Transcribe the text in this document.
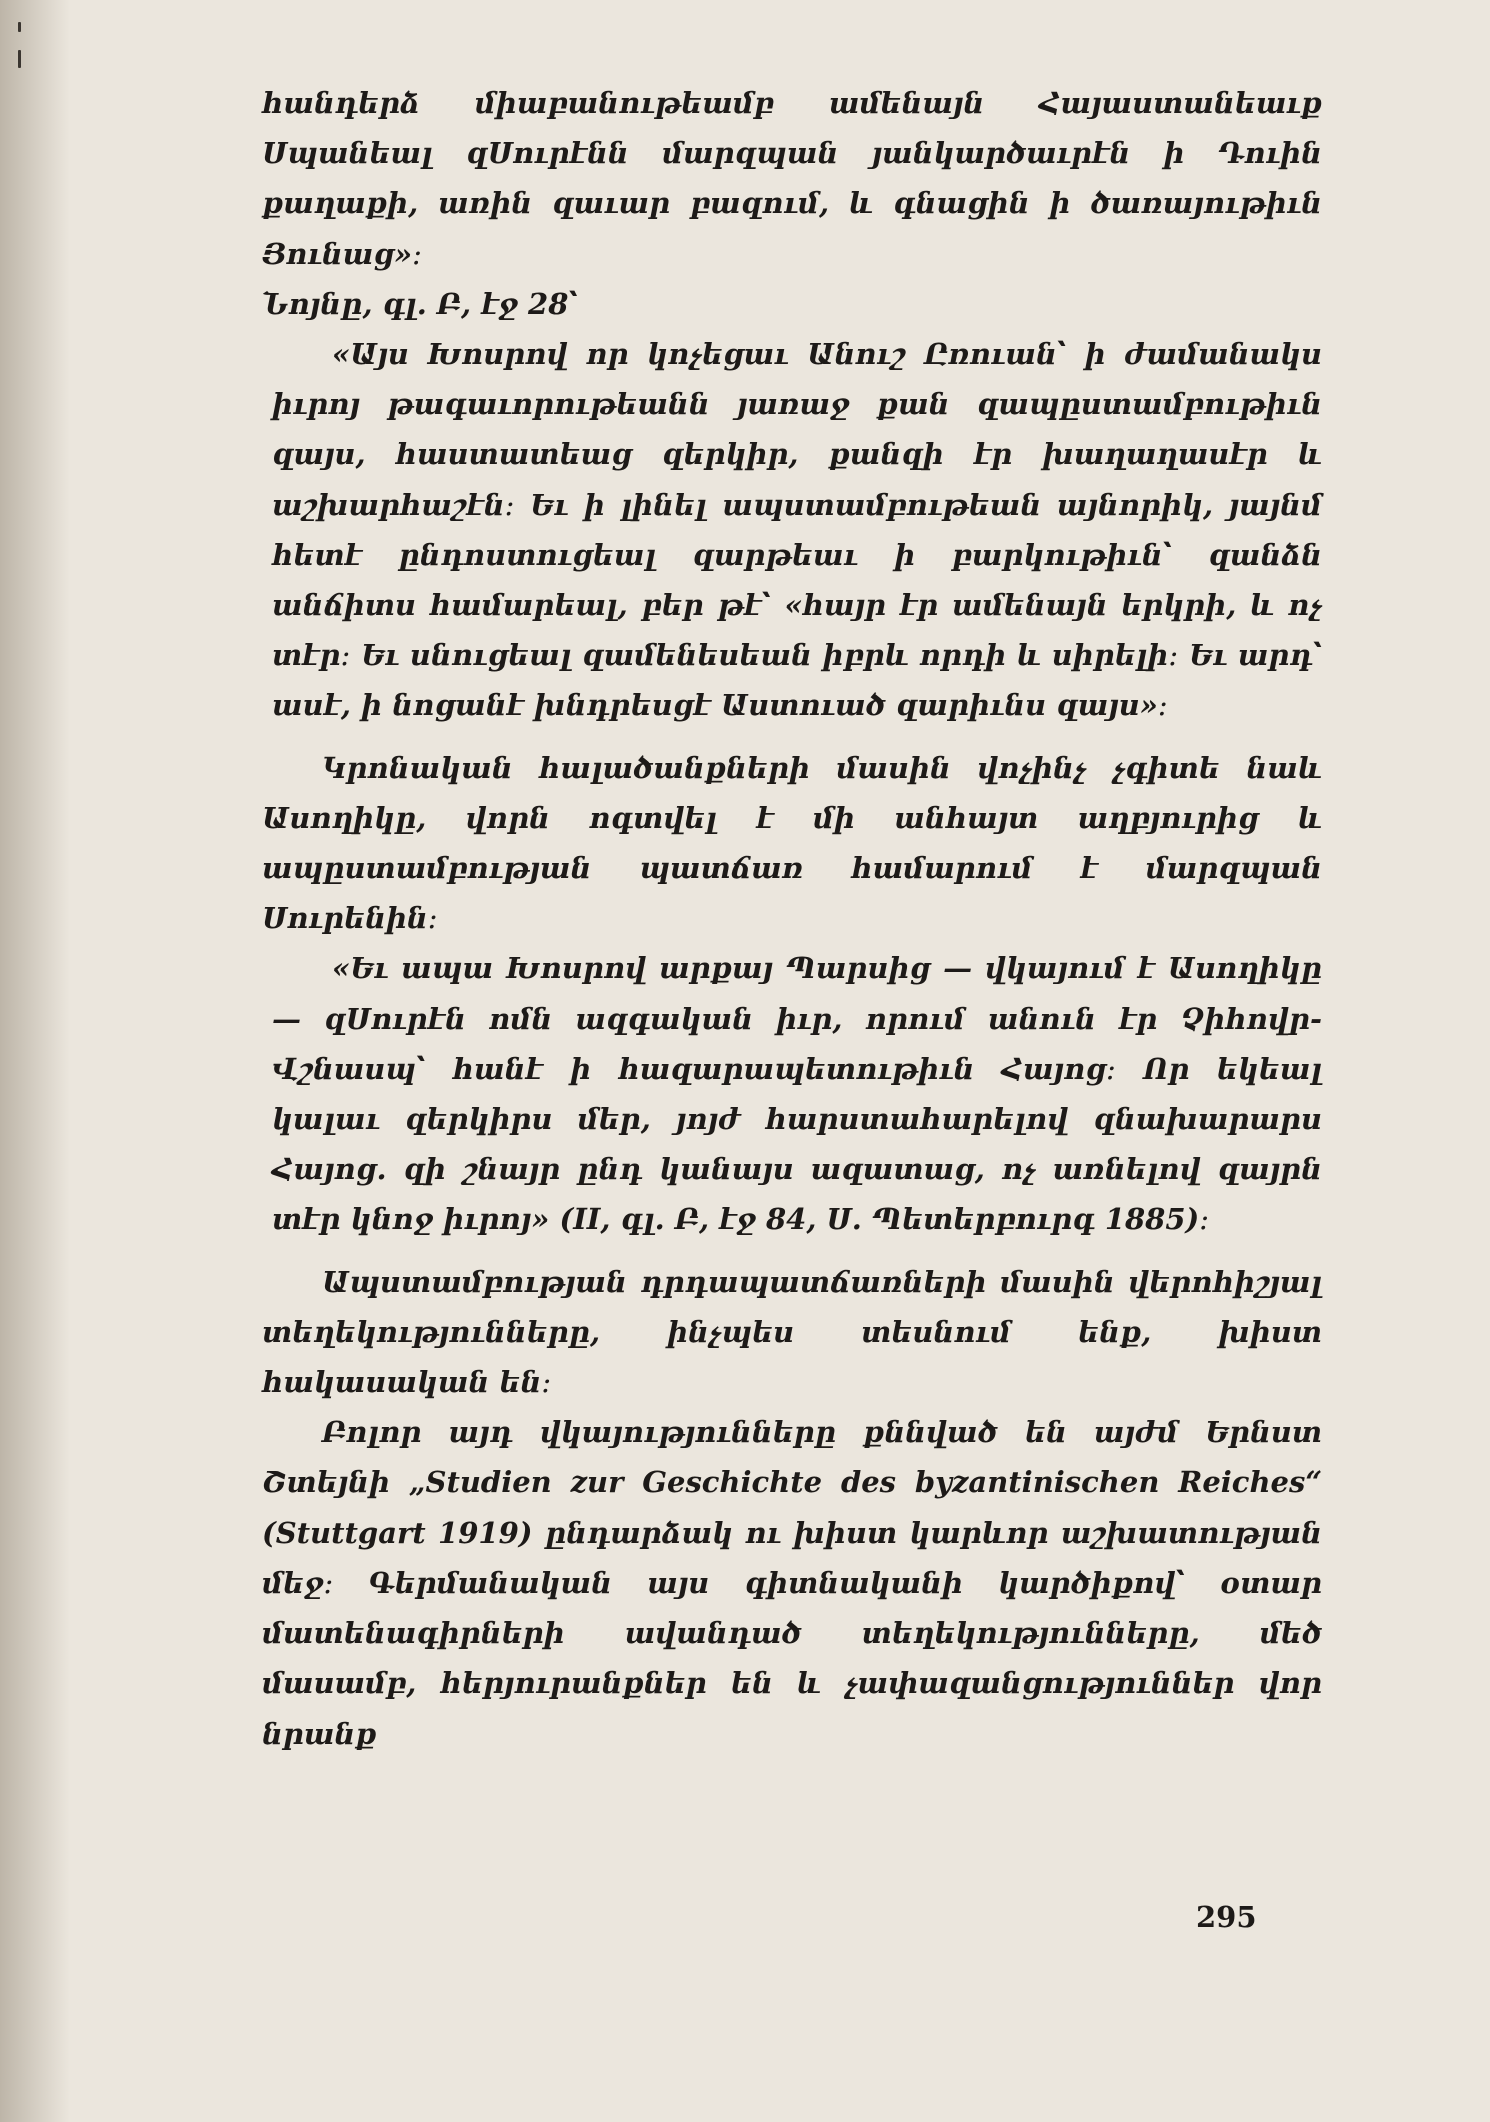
հանդերձ միաբանութեամբ ամենայն Հայաստանեաւք Սպանեալ զՍուրէնն մարզպան յանկարծաւրէն ի Դուին քաղաքի, առին զաւար բազում, և գնացին ի ծառայութիւն Յունաց»։

Նոյնը, գլ. Բ, էջ 28՝

«Այս Խոսրով որ կոչեցաւ Անուշ Ըռուան՝ ի ժամանակս իւրոյ թագաւորութեանն յառաջ քան զապըստամբութիւն զայս, հաստատեաց զերկիր, քանզի էր խաղաղասէր և աշխարհաշէն։ Եւ ի լինել ապստամբութեան այնորիկ, յայնմ հետէ ընդոստուցեալ զարթեաւ ի բարկութիւն՝ զանձն անճիտս համարեալ, բեր թէ՝ «հայր էր ամենայն երկրի, և ոչ տէր։ Եւ սնուցեալ զամենեսեան իբրև որդի և սիրելի։ Եւ արդ՝ ասէ, ի նոցանէ խնդրեսցէ Աստուած զարիւնս զայս»։

Կրոնական հալածանքների մասին վոչինչ չգիտե նաև Ասողիկը, վորն ոգտվել է մի անհայտ աղբյուրից և ապըստամբության պատճառ համարում է մարզպան Սուրենին։

«Եւ ապա Խոսրով արքայ Պարսից — վկայում է Ասողիկը — զՍուրէն ոմն ազգական իւր, որում անուն էր Չիհովր-Վշնասպ՝ հանէ ի հազարապետութիւն Հայոց։ Որ եկեալ կալաւ զերկիրս մեր, յոյժ հարստահարելով զնախարարս Հայոց. զի շնայր ընդ կանայս ազատաց, ոչ առնելով զայրն տէր կնոջ իւրոյ» (II, գլ. Բ, էջ 84, Ս. Պետերբուրգ 1885)։

Ապստամբության դրդապատճառների մասին վերոհիշյալ տեղեկությունները, ինչպես տեսնում ենք, խիստ հակասական են։

Բոլոր այդ վկայությունները քննված են այժմ Երնստ Շտեյնի „Studien zur Geschichte des byzantinischen Reiches“ (Stuttgart 1919) ընդարձակ ու խիստ կարևոր աշխատության մեջ։ Գերմանական այս գիտնականի կարծիքով՝ օտար մատենագիրների ավանդած տեղեկությունները, մեծ մասամբ, հերյուրանքներ են և չափազանցություններ վոր նրանք

295
